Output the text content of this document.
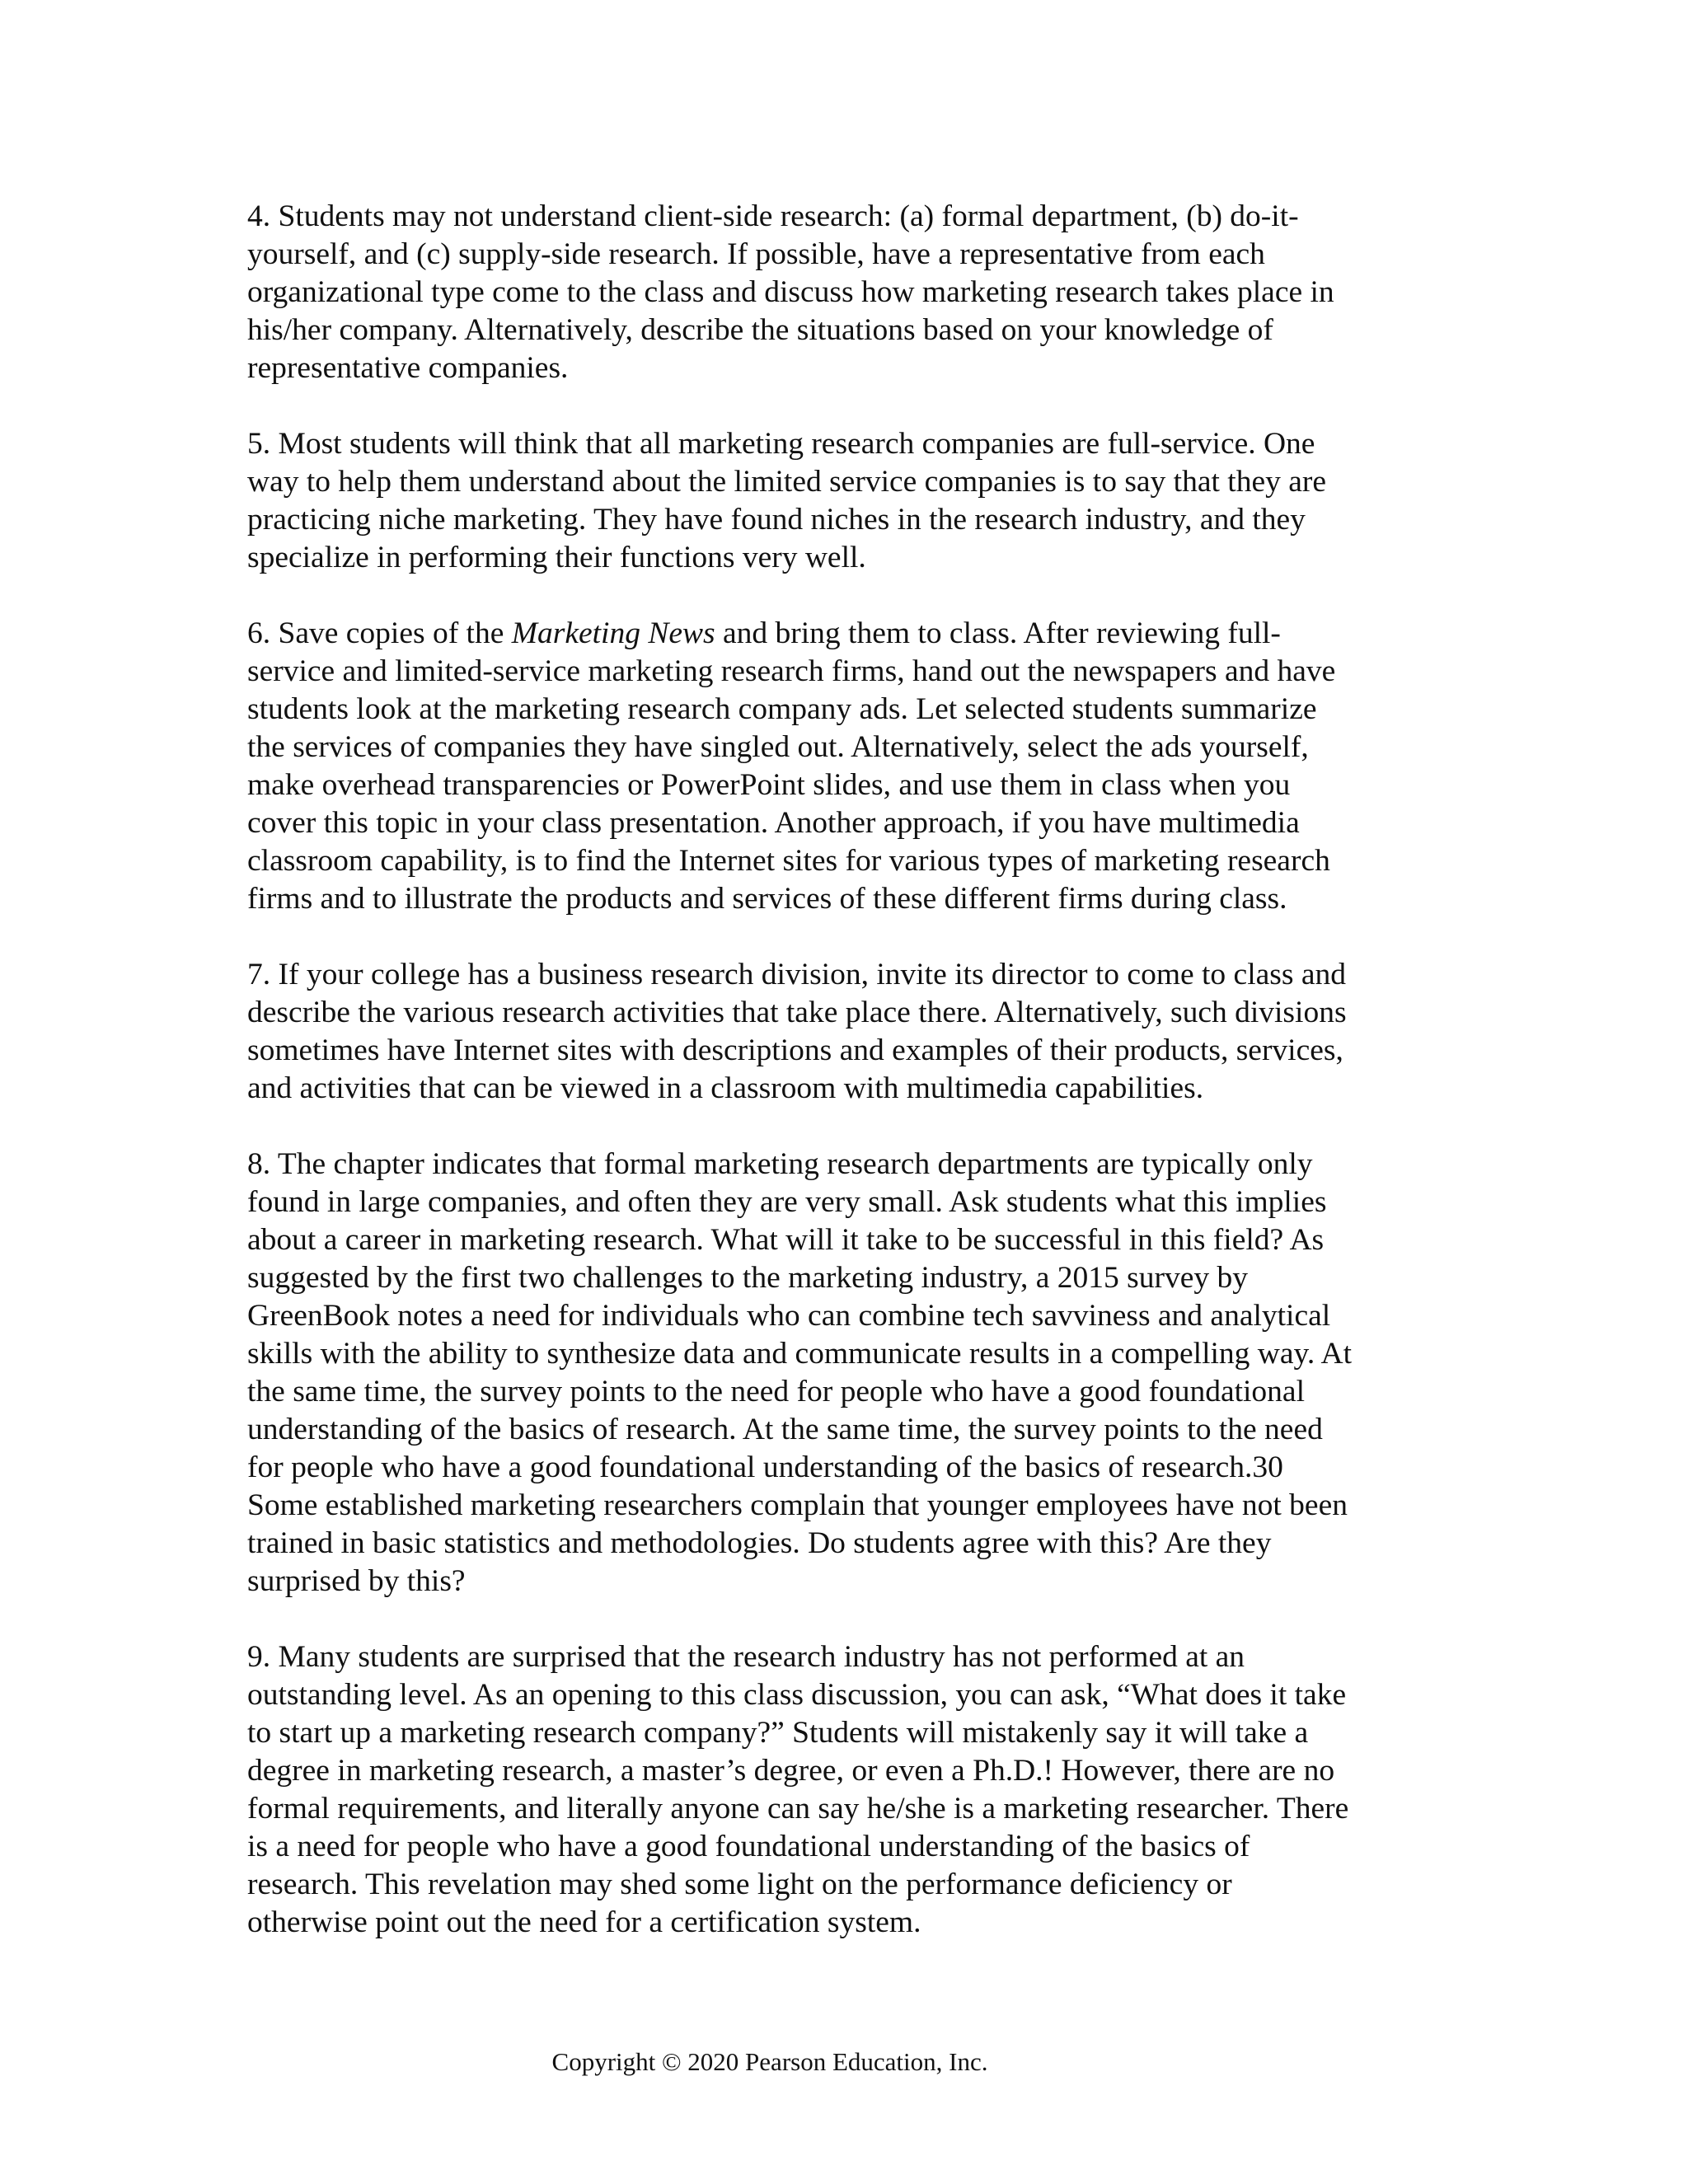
4. Students may not understand client-side research: (a) formal department, (b) do-it-
yourself, and (c) supply-side research. If possible, have a representative from each
organizational type come to the class and discuss how marketing research takes place in
his/her company. Alternatively, describe the situations based on your knowledge of
representative companies.

5. Most students will think that all marketing research companies are full-service. One
way to help them understand about the limited service companies is to say that they are
practicing niche marketing. They have found niches in the research industry, and they
specialize in performing their functions very well.

6. Save copies of the Marketing News and bring them to class. After reviewing full-
service and limited-service marketing research firms, hand out the newspapers and have
students look at the marketing research company ads. Let selected students summarize
the services of companies they have singled out. Alternatively, select the ads yourself,
make overhead transparencies or PowerPoint slides, and use them in class when you
cover this topic in your class presentation. Another approach, if you have multimedia
classroom capability, is to find the Internet sites for various types of marketing research
firms and to illustrate the products and services of these different firms during class.

7. If your college has a business research division, invite its director to come to class and
describe the various research activities that take place there. Alternatively, such divisions
sometimes have Internet sites with descriptions and examples of their products, services,
and activities that can be viewed in a classroom with multimedia capabilities.

8. The chapter indicates that formal marketing research departments are typically only
found in large companies, and often they are very small. Ask students what this implies
about a career in marketing research. What will it take to be successful in this field? As
suggested by the first two challenges to the marketing industry, a 2015 survey by
GreenBook notes a need for individuals who can combine tech savviness and analytical
skills with the ability to synthesize data and communicate results in a compelling way. At
the same time, the survey points to the need for people who have a good foundational
understanding of the basics of research. At the same time, the survey points to the need
for people who have a good foundational understanding of the basics of research.30
Some established marketing researchers complain that younger employees have not been
trained in basic statistics and methodologies. Do students agree with this? Are they
surprised by this?

9. Many students are surprised that the research industry has not performed at an
outstanding level. As an opening to this class discussion, you can ask, “What does it take
to start up a marketing research company?” Students will mistakenly say it will take a
degree in marketing research, a master’s degree, or even a Ph.D.! However, there are no
formal requirements, and literally anyone can say he/she is a marketing researcher. There
is a need for people who have a good foundational understanding of the basics of
research. This revelation may shed some light on the performance deficiency or
otherwise point out the need for a certification system.

Copyright © 2020 Pearson Education, Inc.
